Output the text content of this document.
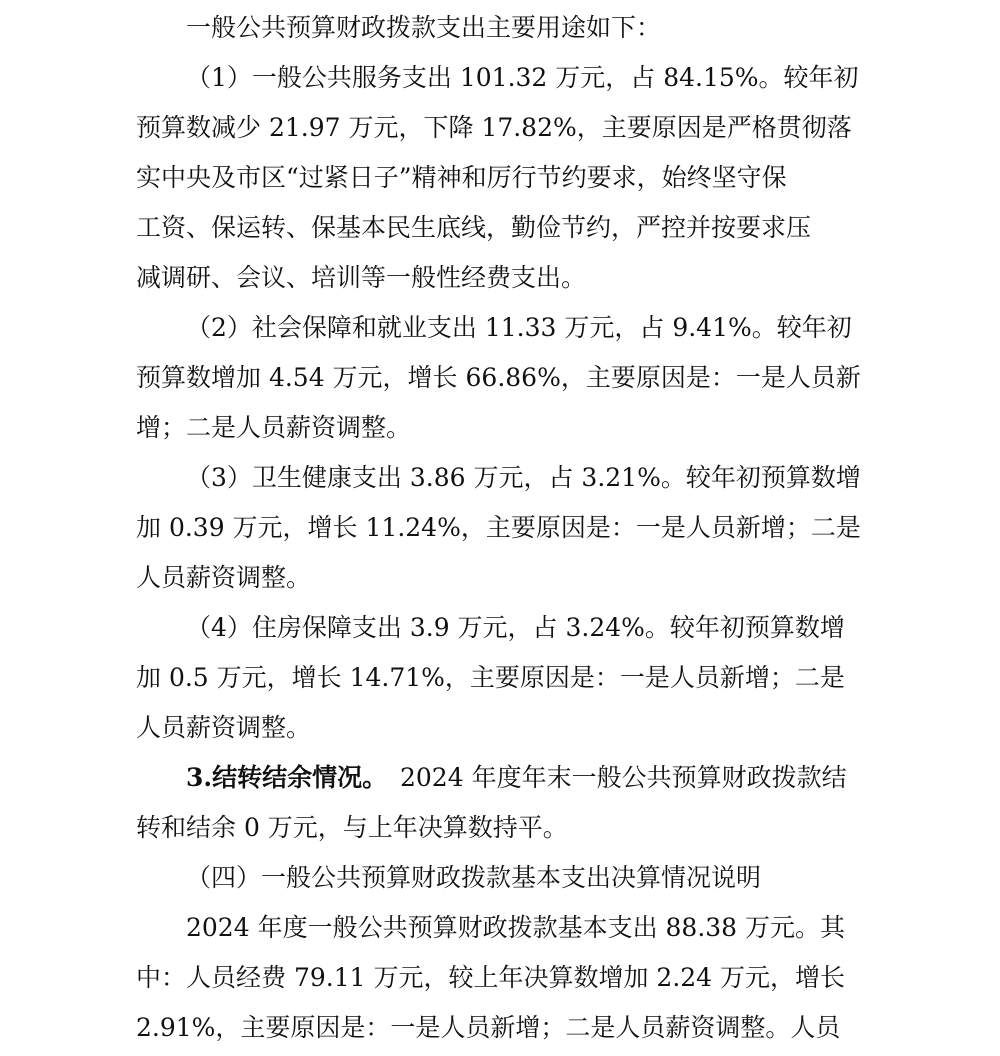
一般公共预算财政拨款支出主要用途如下：
（1）一般公共服务支出 101.32 万元，占 84.15%。较年初
预算数减少 21.97 万元，下降 17.82%，主要原因是严格贯彻落
实中央及市区“过紧日子”精神和厉行节约要求，始终坚守保
工资、保运转、保基本民生底线，勤俭节约，严控并按要求压
减调研、会议、培训等一般性经费支出。
（2）社会保障和就业支出 11.33 万元，占 9.41%。较年初
预算数增加 4.54 万元，增长 66.86%，主要原因是：一是人员新
增；二是人员薪资调整。
（3）卫生健康支出 3.86 万元，占 3.21%。较年初预算数增
加 0.39 万元，增长 11.24%，主要原因是：一是人员新增；二是
人员薪资调整。
（4）住房保障支出 3.9 万元，占 3.24%。较年初预算数增
加 0.5 万元，增长 14.71%，主要原因是：一是人员新增；二是
人员薪资调整。
3.结转结余情况。 2024 年度年末一般公共预算财政拨款结
转和结余 0 万元，与上年决算数持平。
（四）一般公共预算财政拨款基本支出决算情况说明
2024 年度一般公共预算财政拨款基本支出 88.38 万元。其
中：人员经费 79.11 万元，较上年决算数增加 2.24 万元，增长
2.91%，主要原因是：一是人员新增；二是人员薪资调整。人员
